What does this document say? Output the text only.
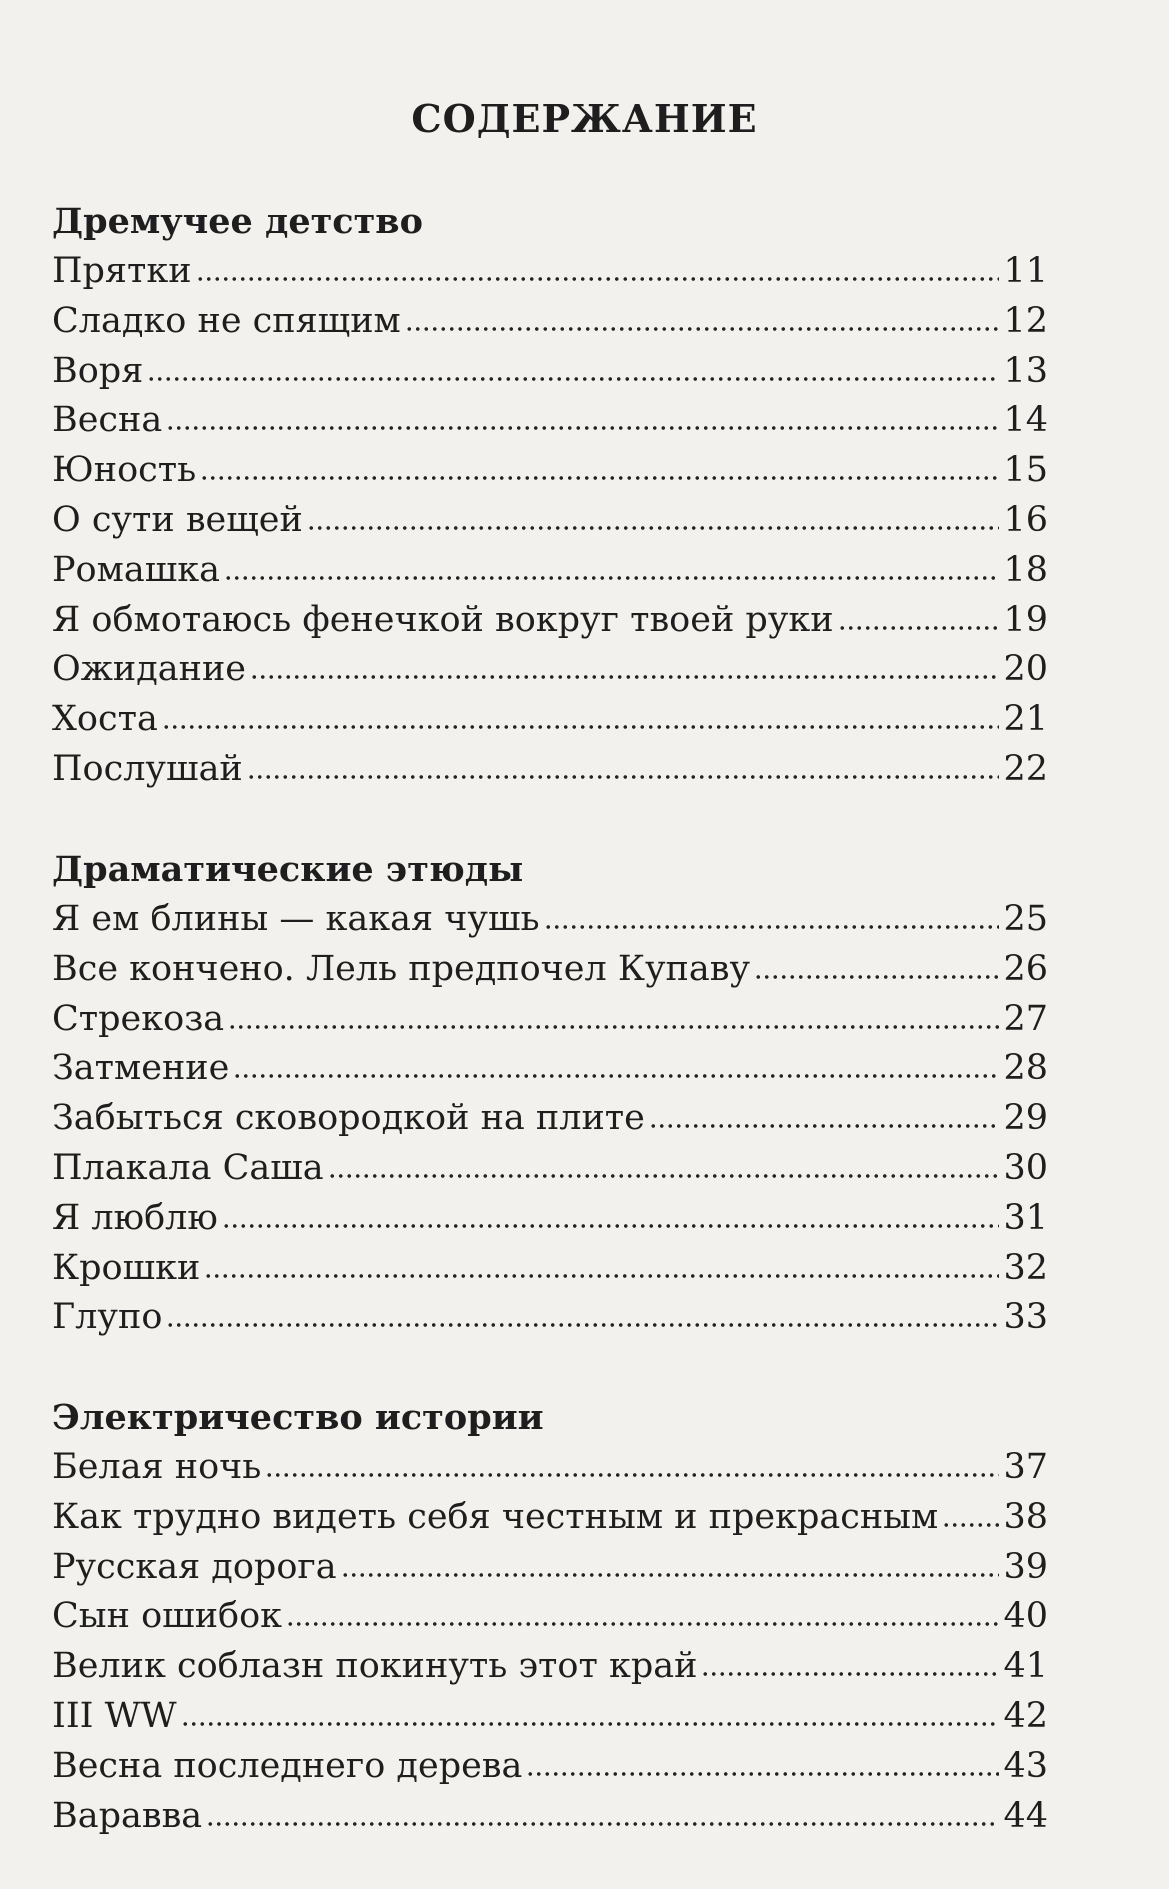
СОДЕРЖАНИЕ
Дремучее детство
Прятки	11
Сладко не спящим	12
Воря	13
Весна	14
Юность	15
О сути вещей	16
Ромашка	18
Я обмотаюсь фенечкой вокруг твоей руки	19
Ожидание	20
Хоста	21
Послушай	22
Драматические этюды
Я ем блины — какая чушь	25
Все кончено. Лель предпочел Купаву	26
Стрекоза	27
Затмение	28
Забыться сковородкой на плите	29
Плакала Саша	30
Я люблю	31
Крошки	32
Глупо	33
Электричество истории
Белая ночь	37
Как трудно видеть себя честным и прекрасным 38
Русская дорога	39
Сын ошибок	40
Велик соблазн покинуть этот край	41
III WW	42
Весна последнего дерева	43
Варавва	44
